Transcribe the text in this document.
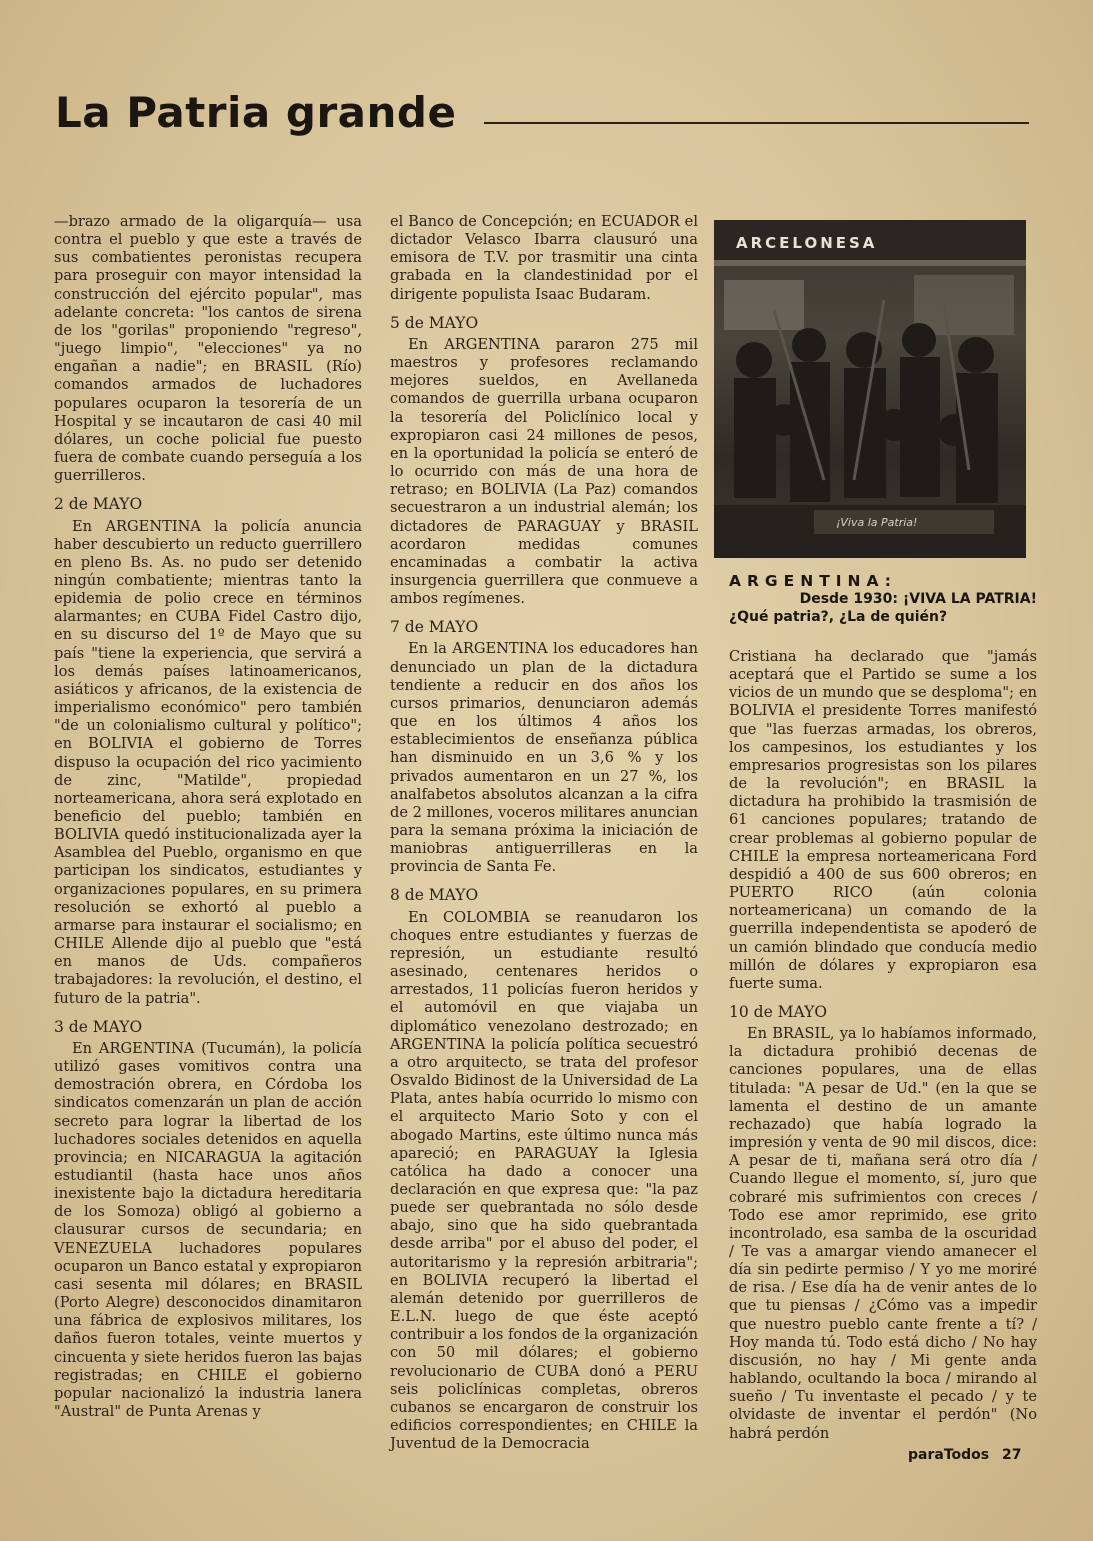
La Patria grande

—brazo armado de la oligarquía— usa contra el pueblo y que este a través de sus combatientes peronistas recupera para proseguir con mayor intensidad la construcción del ejército popular", mas adelante concreta: "los cantos de sirena de los "gorilas" proponiendo "regreso", "juego limpio", "elecciones" ya no engañan a nadie"; en BRASIL (Río) comandos armados de luchadores populares ocuparon la tesorería de un Hospital y se incautaron de casi 40 mil dólares, un coche policial fue puesto fuera de combate cuando perseguía a los guerrilleros.

2 de MAYO

En ARGENTINA la policía anuncia haber descubierto un reducto guerrillero en pleno Bs. As. no pudo ser detenido ningún combatiente; mientras tanto la epidemia de polio crece en términos alarmantes; en CUBA Fidel Castro dijo, en su discurso del 1º de Mayo que su país "tiene la experiencia, que servirá a los demás países latinoamericanos, asiáticos y africanos, de la existencia de imperialismo económico" pero también "de un colonialismo cultural y político"; en BOLIVIA el gobierno de Torres dispuso la ocupación del rico yacimiento de zinc, "Matilde", propiedad norteamericana, ahora será explotado en beneficio del pueblo; también en BOLIVIA quedó institucionalizada ayer la Asamblea del Pueblo, organismo en que participan los sindicatos, estudiantes y organizaciones populares, en su primera resolución se exhortó al pueblo a armarse para instaurar el socialismo; en CHILE Allende dijo al pueblo que "está en manos de Uds. compañeros trabajadores: la revolución, el destino, el futuro de la patria".

3 de MAYO

En ARGENTINA (Tucumán), la policía utilizó gases vomitivos contra una demostración obrera, en Córdoba los sindicatos comenzarán un plan de acción secreto para lograr la libertad de los luchadores sociales detenidos en aquella provincia; en NICARAGUA la agitación estudiantil (hasta hace unos años inexistente bajo la dictadura hereditaria de los Somoza) obligó al gobierno a clausurar cursos de secundaria; en VENEZUELA luchadores populares ocuparon un Banco estatal y expropiaron casi sesenta mil dólares; en BRASIL (Porto Alegre) desconocidos dinamitaron una fábrica de explosivos militares, los daños fueron totales, veinte muertos y cincuenta y siete heridos fueron las bajas registradas; en CHILE el gobierno popular nacionalizó la industria lanera "Austral" de Punta Arenas y

el Banco de Concepción; en ECUADOR el dictador Velasco Ibarra clausuró una emisora de T.V. por trasmitir una cinta grabada en la clandestinidad por el dirigente populista Isaac Budaram.

5 de MAYO

En ARGENTINA pararon 275 mil maestros y profesores reclamando mejores sueldos, en Avellaneda comandos de guerrilla urbana ocuparon la tesorería del Policlínico local y expropiaron casi 24 millones de pesos, en la oportunidad la policía se enteró de lo ocurrido con más de una hora de retraso; en BOLIVIA (La Paz) comandos secuestraron a un industrial alemán; los dictadores de PARAGUAY y BRASIL acordaron medidas comunes encaminadas a combatir la activa insurgencia guerrillera que conmueve a ambos regímenes.

7 de MAYO

En la ARGENTINA los educadores han denunciado un plan de la dictadura tendiente a reducir en dos años los cursos primarios, denunciaron además que en los últimos 4 años los establecimientos de enseñanza pública han disminuido en un 3,6 % y los privados aumentaron en un 27 %, los analfabetos absolutos alcanzan a la cifra de 2 millones, voceros militares anuncian para la semana próxima la iniciación de maniobras antiguerrilleras en la provincia de Santa Fe.

8 de MAYO

En COLOMBIA se reanudaron los choques entre estudiantes y fuerzas de represión, un estudiante resultó asesinado, centenares heridos o arrestados, 11 policías fueron heridos y el automóvil en que viajaba un diplomático venezolano destrozado; en ARGENTINA la policía política secuestró a otro arquitecto, se trata del profesor Osvaldo Bidinost de la Universidad de La Plata, antes había ocurrido lo mismo con el arquitecto Mario Soto y con el abogado Martins, este último nunca más apareció; en PARAGUAY la Iglesia católica ha dado a conocer una declaración en que expresa que: "la paz puede ser quebrantada no sólo desde abajo, sino que ha sido quebrantada desde arriba" por el abuso del poder, el autoritarismo y la represión arbitraria"; en BOLIVIA recuperó la libertad el alemán detenido por guerrilleros de E.L.N. luego de que éste aceptó contribuir a los fondos de la organización con 50 mil dólares; el gobierno revolucionario de CUBA donó a PERU seis policlínicas completas, obreros cubanos se encargaron de construir los edificios correspondientes; en CHILE la Juventud de la Democracia

ARCELONESA
¡Viva la Patria!
ARGENTINA:
Desde 1930: ¡VIVA LA PATRIA!
¿Qué patria?, ¿La de quién?

Cristiana ha declarado que "jamás aceptará que el Partido se sume a los vicios de un mundo que se desploma"; en BOLIVIA el presidente Torres manifestó que "las fuerzas armadas, los obreros, los campesinos, los estudiantes y los empresarios progresistas son los pilares de la revolución"; en BRASIL la dictadura ha prohibido la trasmisión de 61 canciones populares; tratando de crear problemas al gobierno popular de CHILE la empresa norteamericana Ford despidió a 400 de sus 600 obreros; en PUERTO RICO (aún colonia norteamericana) un comando de la guerrilla independentista se apoderó de un camión blindado que conducía medio millón de dólares y expropiaron esa fuerte suma.

10 de MAYO

En BRASIL, ya lo habíamos informado, la dictadura prohibió decenas de canciones populares, una de ellas titulada: "A pesar de Ud." (en la que se lamenta el destino de un amante rechazado) que había logrado la impresión y venta de 90 mil discos, dice: A pesar de ti, mañana será otro día / Cuando llegue el momento, sí, juro que cobraré mis sufrimientos con creces / Todo ese amor reprimido, ese grito incontrolado, esa samba de la oscuridad / Te vas a amargar viendo amanecer el día sin pedirte permiso / Y yo me moriré de risa. / Ese día ha de venir antes de lo que tu piensas / ¿Cómo vas a impedir que nuestro pueblo cante frente a tí? / Hoy manda tú. Todo está dicho / No hay discusión, no hay / Mi gente anda hablando, ocultando la boca / mirando al sueño / Tu inventaste el pecado / y te olvidaste de inventar el perdón" (No habrá perdón

paraTodos 27
